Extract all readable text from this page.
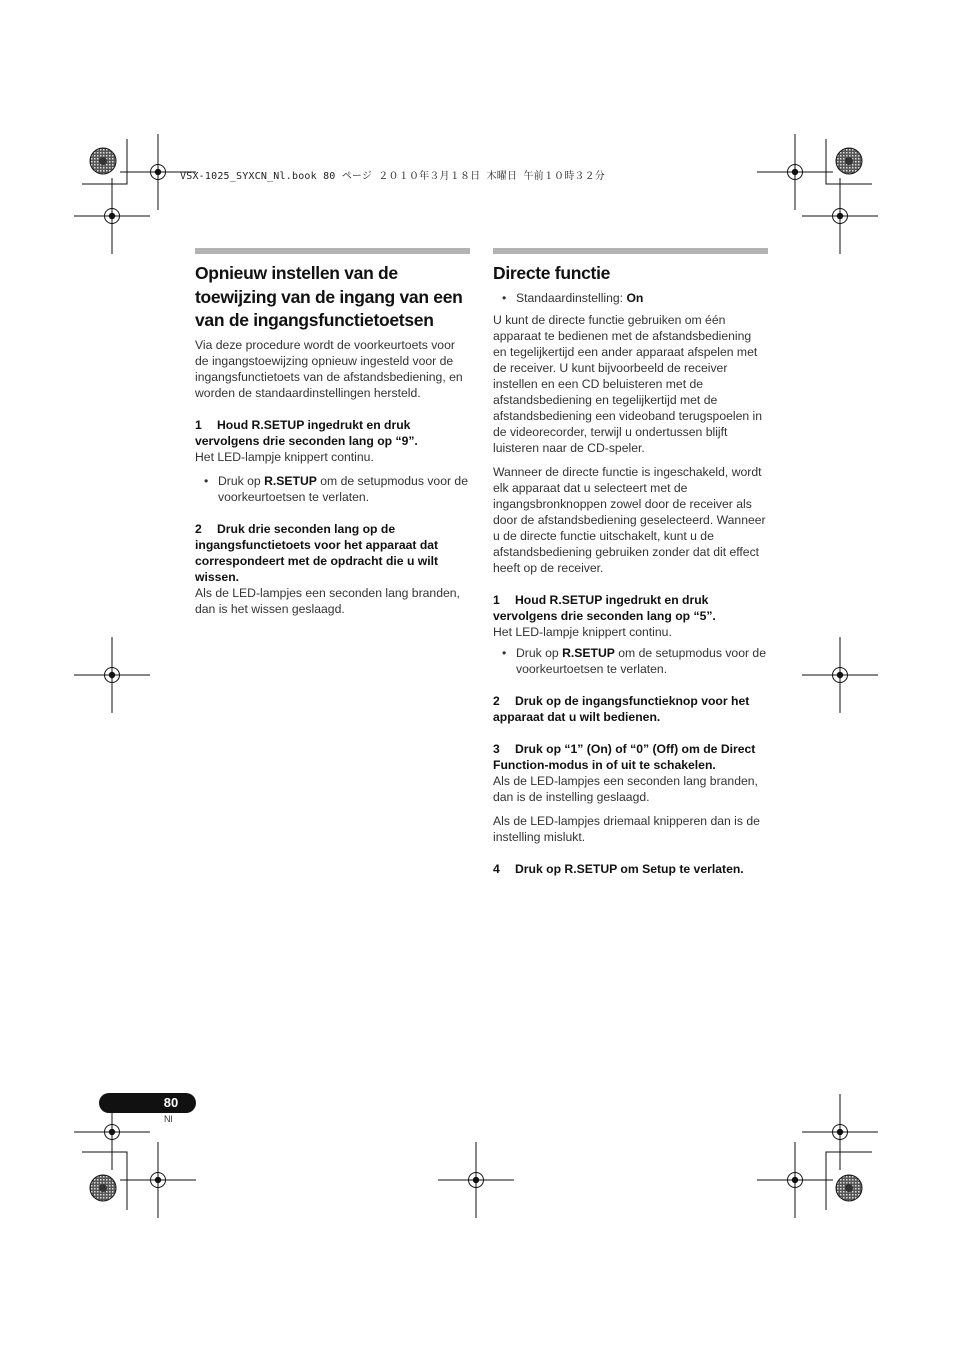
VSX-1025_SYXCN_Nl.book 80 ページ ２０１０年３月１８日 木曜日 午前１０時３２分
Opnieuw instellen van de toewijzing van de ingang van een van de ingangsfunctietoetsen

Via deze procedure wordt de voorkeurtoets voor de ingangstoewijzing opnieuw ingesteld voor de ingangsfunctietoets van de afstandsbediening, en worden de standaardinstellingen hersteld.

1 Houd R.SETUP ingedrukt en druk vervolgens drie seconden lang op “9”.

Het LED-lampje knippert continu.

• Druk op R.SETUP om de setupmodus voor de voorkeurtoetsen te verlaten.

2 Druk drie seconden lang op de ingangsfunctietoets voor het apparaat dat correspondeert met de opdracht die u wilt wissen.

Als de LED-lampjes een seconden lang branden, dan is het wissen geslaagd.

Directe functie

• Standaardinstelling: On

U kunt de directe functie gebruiken om één apparaat te bedienen met de afstandsbediening en tegelijkertijd een ander apparaat afspelen met de receiver. U kunt bijvoorbeeld de receiver instellen en een CD beluisteren met de afstandsbediening en tegelijkertijd met de afstandsbediening een videoband terugspoelen in de videorecorder, terwijl u ondertussen blijft luisteren naar de CD-speler.

Wanneer de directe functie is ingeschakeld, wordt elk apparaat dat u selecteert met de ingangsbronknoppen zowel door de receiver als door de afstandsbediening geselecteerd. Wanneer u de directe functie uitschakelt, kunt u de afstandsbediening gebruiken zonder dat dit effect heeft op de receiver.

1 Houd R.SETUP ingedrukt en druk vervolgens drie seconden lang op “5”.

Het LED-lampje knippert continu.

• Druk op R.SETUP om de setupmodus voor de voorkeurtoetsen te verlaten.

2 Druk op de ingangsfunctieknop voor het apparaat dat u wilt bedienen.

3 Druk op “1” (On) of “0” (Off) om de Direct Function-modus in of uit te schakelen.

Als de LED-lampjes een seconden lang branden, dan is de instelling geslaagd.

Als de LED-lampjes driemaal knipperen dan is de instelling mislukt.

4 Druk op R.SETUP om Setup te verlaten.

80
Nl
